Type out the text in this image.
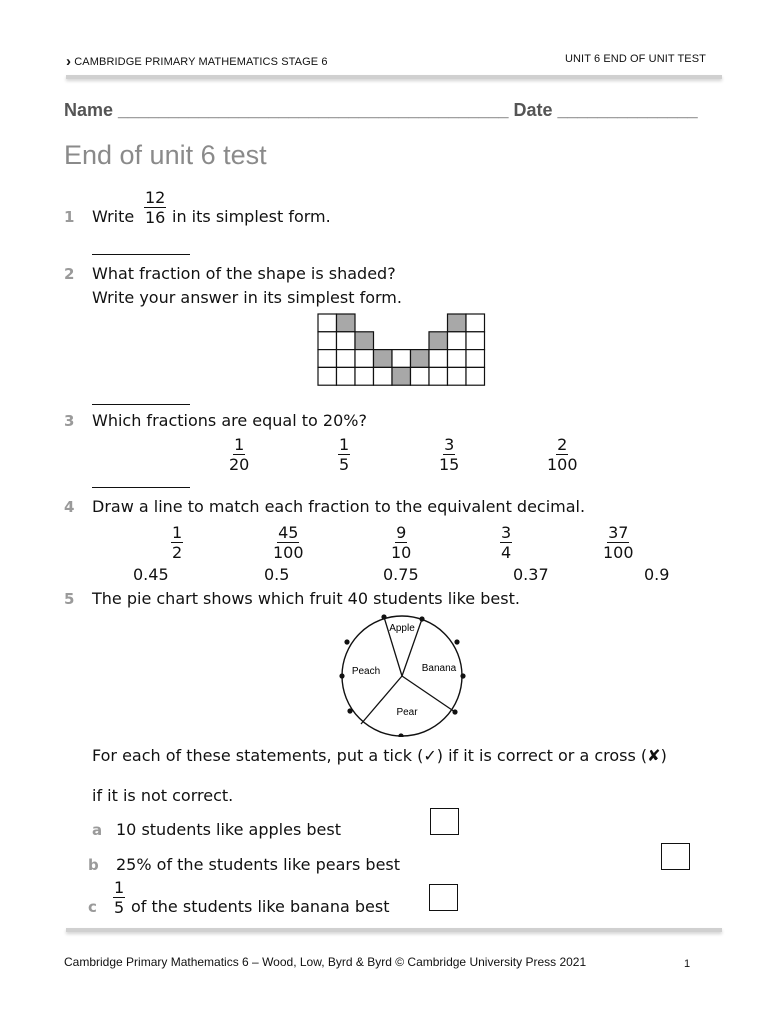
› CAMBRIDGE PRIMARY MATHEMATICS STAGE 6	UNIT 6 END OF UNIT TEST
Name _______________________________________ Date ______________
End of unit 6 test
1 Write $\frac{12}{16}$ in its simplest form.
2 What fraction of the shape is shaded?
Write your answer in its simplest form.
3 Which fractions are equal to 20%?
$\frac{1}{20}$	$\frac{1}{5}$	$\frac{3}{15}$	$\frac{2}{100}$
4 Draw a line to match each fraction to the equivalent decimal.
$\frac{1}{2}$	$\frac{45}{100}$	$\frac{9}{10}$	$\frac{3}{4}$	$\frac{37}{100}$
0.45	0.5	0.75	0.37	0.9
5 The pie chart shows which fruit 40 students like best.
Apple
Banana
Pear
Peach
For each of these statements, put a tick (✓) if it is correct or a cross (✘)
if it is not correct.
a 10 students like apples best
b 25% of the students like pears best
c $\frac{1}{5}$ of the students like banana best
Cambridge Primary Mathematics 6 – Wood, Low, Byrd & Byrd © Cambridge University Press 2021	1
